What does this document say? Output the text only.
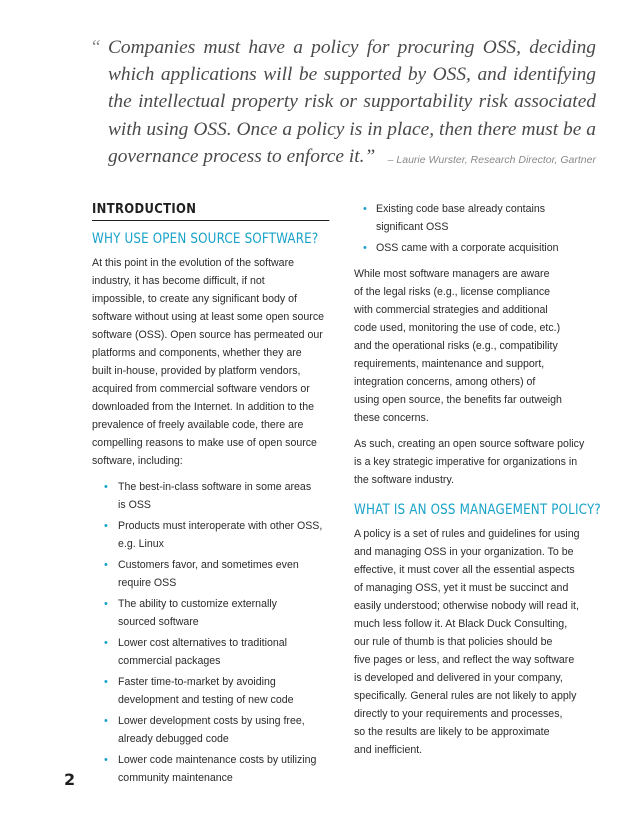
“ Companies must have a policy for procuring OSS, deciding
which applications will be supported by OSS, and identifying
the intellectual property risk or supportability risk associated
with using OSS. Once a policy is in place, then there must be a
governance process to enforce it.”	– Laurie Wurster, Research Director, Gartner
INTRODUCTION
WHY USE OPEN SOURCE SOFTWARE?
At this point in the evolution of the software
industry, it has become difficult, if not
impossible, to create any significant body of
software without using at least some open source
software (OSS). Open source has permeated our
platforms and components, whether they are
built in-house, provided by platform vendors,
acquired from commercial software vendors or
downloaded from the Internet. In addition to the
prevalence of freely available code, there are
compelling reasons to make use of open source
software, including:
• The best-in-class software in some areas
is OSS
• Products must interoperate with other OSS,
e.g. Linux
• Customers favor, and sometimes even
require OSS
• The ability to customize externally
sourced software
• Lower cost alternatives to traditional
commercial packages
• Faster time-to-market by avoiding
development and testing of new code
• Lower development costs by using free,
already debugged code
• Lower code maintenance costs by utilizing
community maintenance
• Existing code base already contains
significant OSS
• OSS came with a corporate acquisition
While most software managers are aware
of the legal risks (e.g., license compliance
with commercial strategies and additional
code used, monitoring the use of code, etc.)
and the operational risks (e.g., compatibility
requirements, maintenance and support,
integration concerns, among others) of
using open source, the benefits far outweigh
these concerns.
As such, creating an open source software policy
is a key strategic imperative for organizations in
the software industry.
WHAT IS AN OSS MANAGEMENT POLICY?
A policy is a set of rules and guidelines for using
and managing OSS in your organization. To be
effective, it must cover all the essential aspects
of managing OSS, yet it must be succinct and
easily understood; otherwise nobody will read it,
much less follow it. At Black Duck Consulting,
our rule of thumb is that policies should be
five pages or less, and reflect the way software
is developed and delivered in your company,
specifically. General rules are not likely to apply
directly to your requirements and processes,
so the results are likely to be approximate
and inefficient.
2
